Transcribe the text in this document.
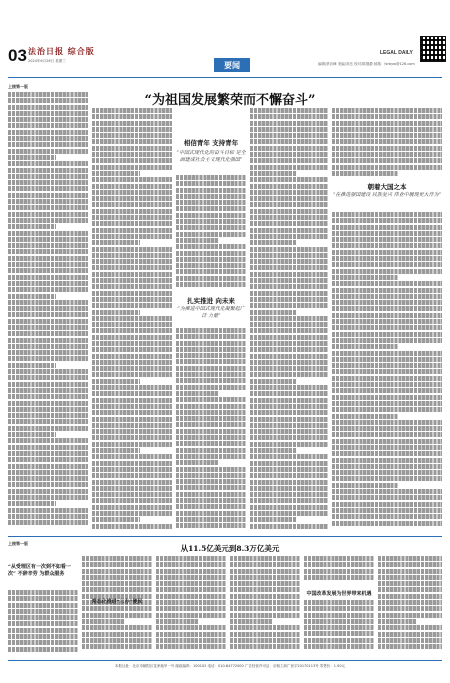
03 法治日报 综合版
2024年6月26日 星期三	要闻
LEGAL DAILY
编辑/蔡岩峰 美编/高岳 校对/陈继爵 邮箱：fzrbyw@126.com
“为祖国发展繁荣而不懈奋斗”
上接第一版
相信青年 支持青年
“中国式现代化的奋斗目标 是全面建成社会主义现代化强国”
扎实推进 向未来
“为推进中国式现代化凝聚起广泛 力量”
朝着大国之本
“在推进强国建设 民族复兴 伟业中展现更大作为”
上接第一版
“从受理区有一次到不如看一次” 不辞辛劳 为群众服务
从11.5亿美元到8.3万亿美元
常态化推进“三办”便民
中国改革发展为世界带来机遇
本报社址：北京市朝阳区花家地甲一号 邮政编码：100102 电话：010-84772000 广告经营许可证：京朝工商广登字20170113号 零售价：1.50元
